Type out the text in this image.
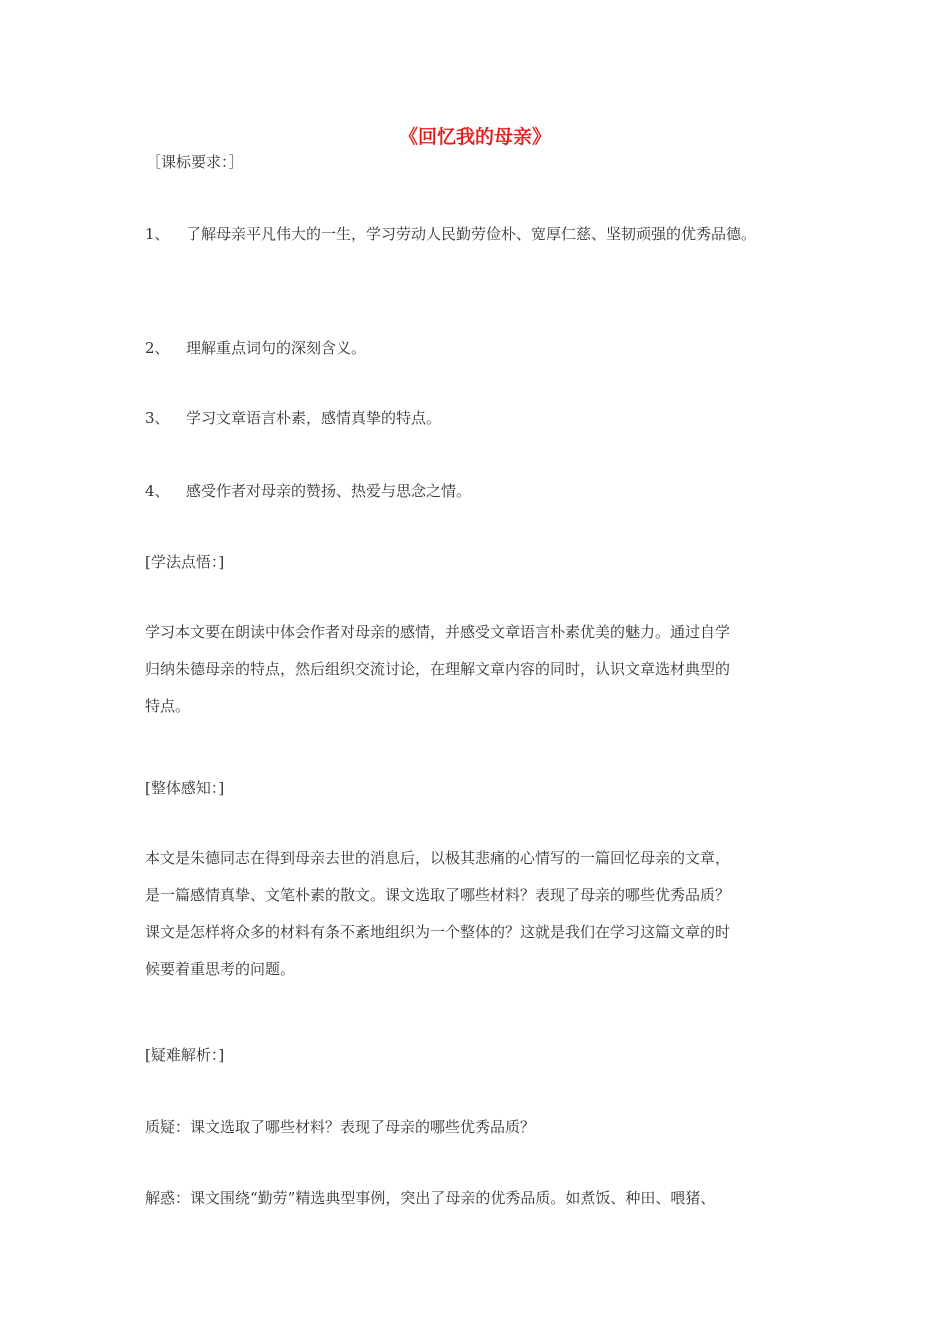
《回忆我的母亲》
［课标要求：］
1、 了解母亲平凡伟大的一生，学习劳动人民勤劳俭朴、宽厚仁慈、坚韧顽强的优秀品德。
2、 理解重点词句的深刻含义。
3、 学习文章语言朴素，感情真挚的特点。
4、 感受作者对母亲的赞扬、热爱与思念之情。
[学法点悟：]
学习本文要在朗读中体会作者对母亲的感情，并感受文章语言朴素优美的魅力。通过自学
归纳朱德母亲的特点，然后组织交流讨论，在理解文章内容的同时，认识文章选材典型的
特点。
[整体感知：]
本文是朱德同志在得到母亲去世的消息后，以极其悲痛的心情写的一篇回忆母亲的文章，
是一篇感情真挚、文笔朴素的散文。课文选取了哪些材料？表现了母亲的哪些优秀品质？
课文是怎样将众多的材料有条不紊地组织为一个整体的？这就是我们在学习这篇文章的时
候要着重思考的问题。
[疑难解析：]
质疑：课文选取了哪些材料？表现了母亲的哪些优秀品质？
解惑：课文围绕“勤劳”精选典型事例，突出了母亲的优秀品质。如煮饭、种田、喂猪、
